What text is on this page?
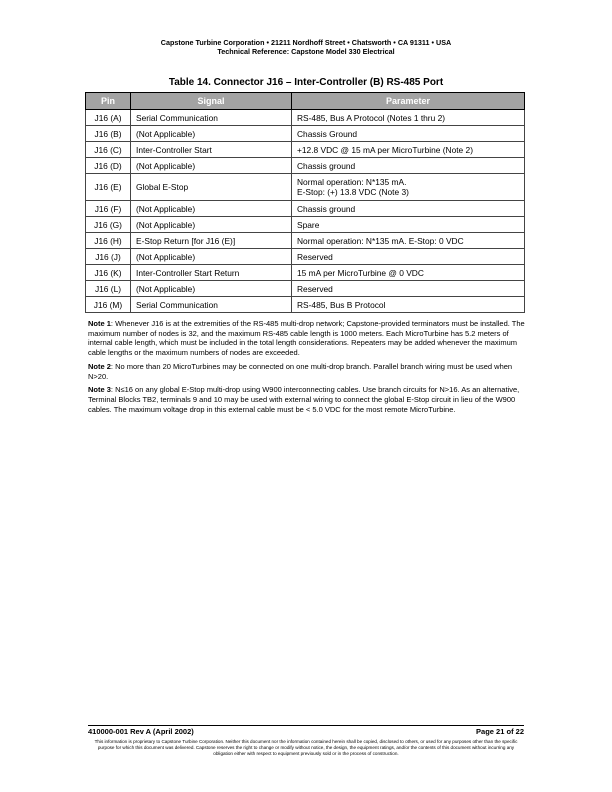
Capstone Turbine Corporation • 21211 Nordhoff Street • Chatsworth • CA 91311 • USA
Technical Reference: Capstone Model 330 Electrical
Table 14. Connector J16 – Inter-Controller (B) RS-485 Port
Pin	Signal	Parameter
J16 (A)	Serial Communication	RS-485, Bus A Protocol (Notes 1 thru 2)
J16 (B)	(Not Applicable)	Chassis Ground
J16 (C)	Inter-Controller Start	+12.8 VDC @ 15 mA per MicroTurbine (Note 2)
J16 (D)	(Not Applicable)	Chassis ground
J16 (E)	Global E-Stop	Normal operation: N*135 mA.
E-Stop: (+) 13.8 VDC (Note 3)

J16 (F)	(Not Applicable)	Chassis ground
J16 (G)	(Not Applicable)	Spare
J16 (H)	E-Stop Return [for J16 (E)]	Normal operation: N*135 mA. E-Stop: 0 VDC
J16 (J)	(Not Applicable)	Reserved
J16 (K)	Inter-Controller Start Return	15 mA per MicroTurbine @ 0 VDC
J16 (L)	(Not Applicable)	Reserved
J16 (M)	Serial Communication	RS-485, Bus B Protocol

Note 1: Whenever J16 is at the extremities of the RS-485 multi-drop network; Capstone-provided terminators must be installed. The maximum number of nodes is 32, and the maximum RS-485 cable length is 1000 meters. Each MicroTurbine has 5.2 meters of internal cable length, which must be included in the total length considerations. Repeaters may be added whenever the maximum cable lengths or the maximum numbers of nodes are exceeded.

Note 2: No more than 20 MicroTurbines may be connected on one multi-drop branch. Parallel branch wiring must be used when N>20.

Note 3: N≤16 on any global E-Stop multi-drop using W900 interconnecting cables. Use branch circuits for N>16. As an alternative, Terminal Blocks TB2, terminals 9 and 10 may be used with external wiring to connect the global E-Stop circuit in lieu of the W900 cables. The maximum voltage drop in this external cable must be < 5.0 VDC for the most remote MicroTurbine.

410000-001 Rev A (April 2002)	Page 21 of 22
This information is proprietary to Capstone Turbine Corporation. Neither this document nor the information contained herein shall be copied, disclosed to others, or used for any purposes other than the specific purpose for which this document was delivered. Capstone reserves the right to change or modify without notice, the design, the equipment ratings, and/or the contents of this document without incurring any obligation either with respect to equipment previously sold or in the process of construction.
